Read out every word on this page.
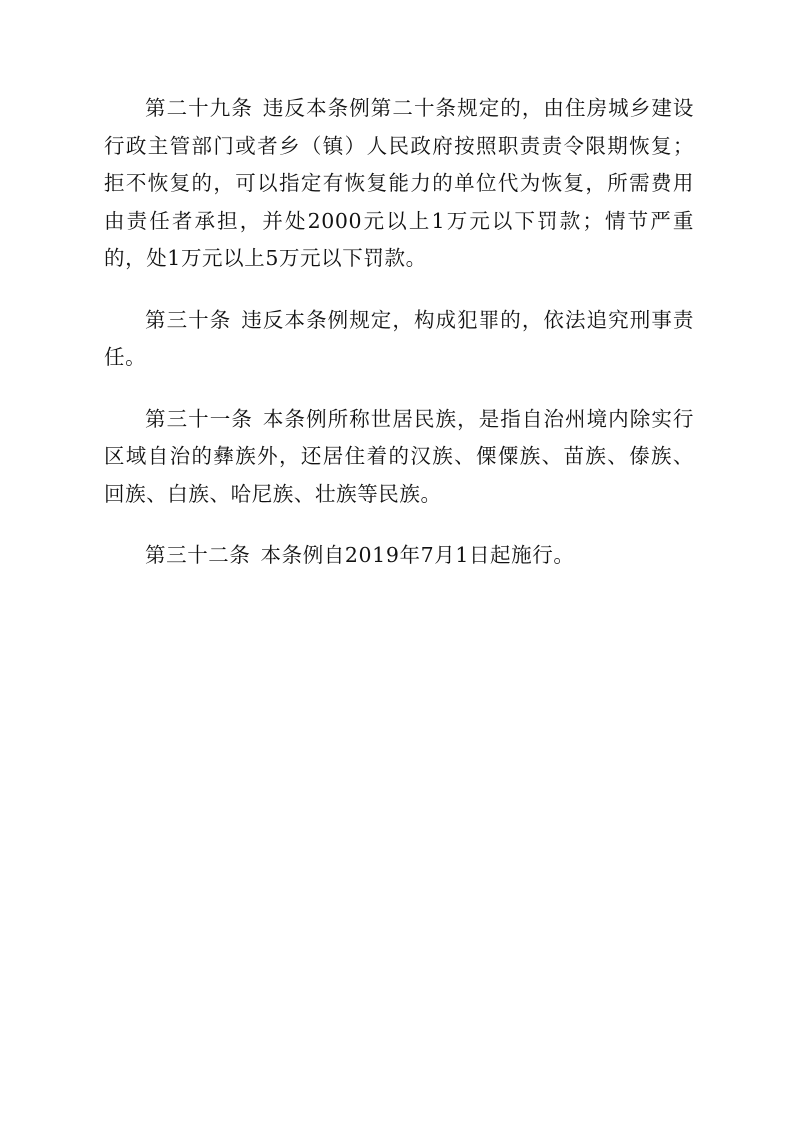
第二十九条 违反本条例第二十条规定的，由住房城乡建设行政主管部门或者乡（镇）人民政府按照职责责令限期恢复；拒不恢复的，可以指定有恢复能力的单位代为恢复，所需费用由责任者承担，并处2000元以上1万元以下罚款；情节严重的，处1万元以上5万元以下罚款。

第三十条 违反本条例规定，构成犯罪的，依法追究刑事责任。

第三十一条 本条例所称世居民族，是指自治州境内除实行区域自治的彝族外，还居住着的汉族、傈僳族、苗族、傣族、回族、白族、哈尼族、壮族等民族。

第三十二条 本条例自2019年7月1日起施行。
